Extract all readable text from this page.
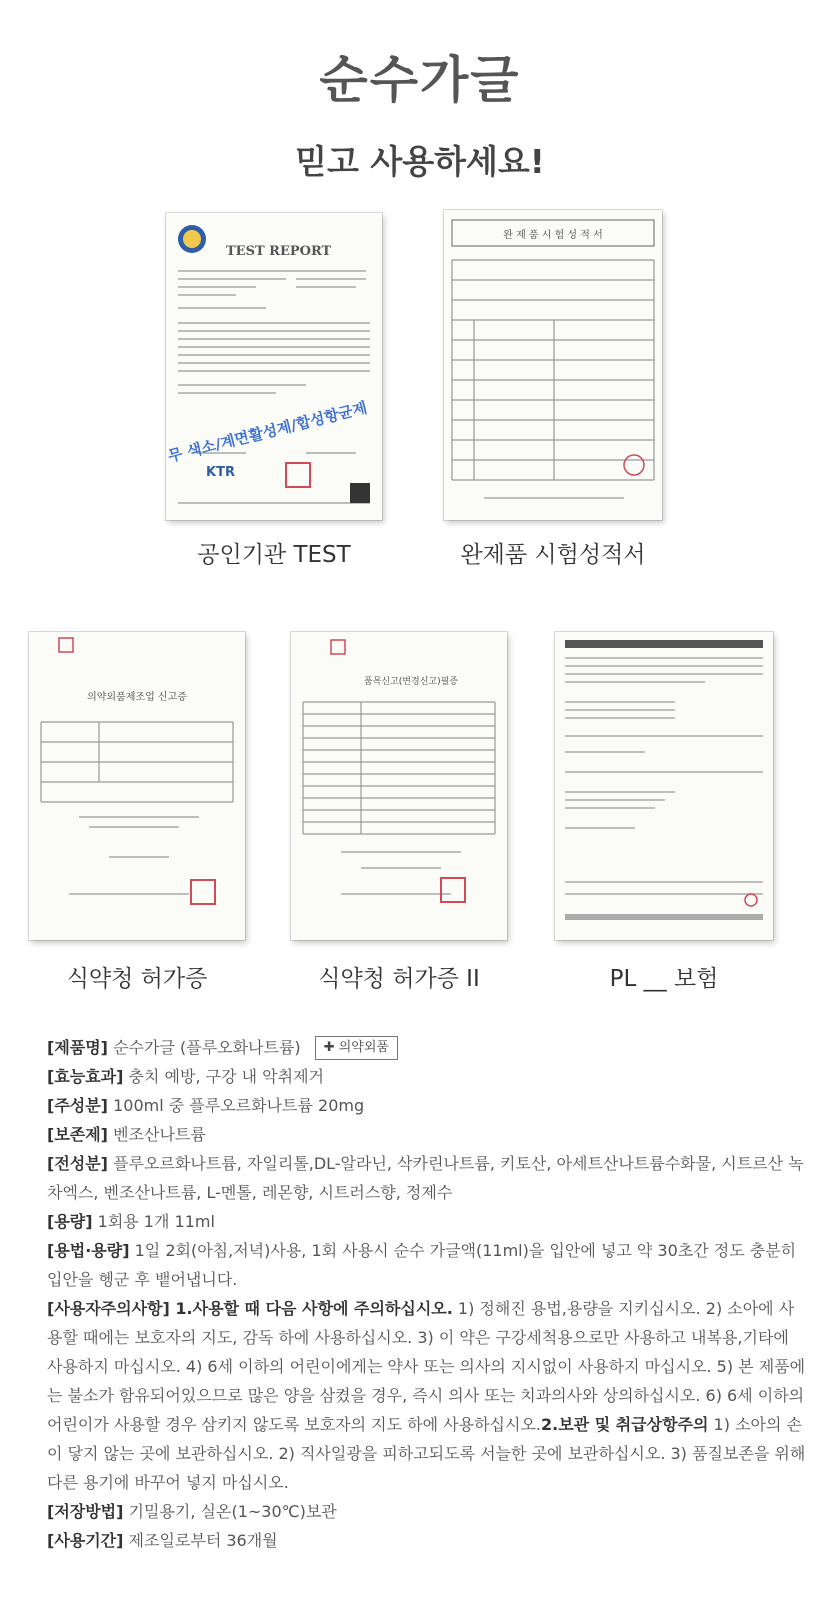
순수가글
믿고 사용하세요!
TEST REPORT
무 색소/계면활성제/합성항균제
KTR
공인기관 TEST
완 제 품 시 험 성 적 서
완제품 시험성적서
의약외품제조업 신고증
식약청 허가증
품목신고(변경신고)필증
식약청 허가증 II	PL __ 보험

[제품명] 순수가글 (플루오화나트륨) ✚ 의약외품

[효능효과] 충치 예방, 구강 내 악취제거

[주성분] 100ml 중 플루오르화나트륨 20mg

[보존제] 벤조산나트륨

[전성분] 플루오르화나트륨, 자일리톨,DL-알라닌, 삭카린나트륨, 키토산, 아세트산나트륨수화물, 시트르산 녹차엑스, 벤조산나트륨, L-멘톨, 레몬향, 시트러스향, 정제수

[용량] 1회용 1개 11ml

[용법·용량] 1일 2회(아침,저녁)사용, 1회 사용시 순수 가글액(11ml)을 입안에 넣고 약 30초간 정도 충분히 입안을 헹군 후 뱉어냅니다.

[사용자주의사항] 1.사용할 때 다음 사항에 주의하십시오. 1) 정해진 용법,용량을 지키십시오. 2) 소아에 사용할 때에는 보호자의 지도, 감독 하에 사용하십시오. 3) 이 약은 구강세척용으로만 사용하고 내복용,기타에 사용하지 마십시오. 4) 6세 이하의 어린이에게는 약사 또는 의사의 지시없이 사용하지 마십시오. 5) 본 제품에는 불소가 함유되어있으므로 많은 양을 삼켰을 경우, 즉시 의사 또는 치과의사와 상의하십시오. 6) 6세 이하의 어린이가 사용할 경우 삼키지 않도록 보호자의 지도 하에 사용하십시오.2.보관 및 취급상항주의 1) 소아의 손이 닿지 않는 곳에 보관하십시오. 2) 직사일광을 피하고되도록 서늘한 곳에 보관하십시오. 3) 품질보존을 위해 다른 용기에 바꾸어 넣지 마십시오.

[저장방법] 기밀용기, 실온(1~30℃)보관

[사용기간] 제조일로부터 36개월
